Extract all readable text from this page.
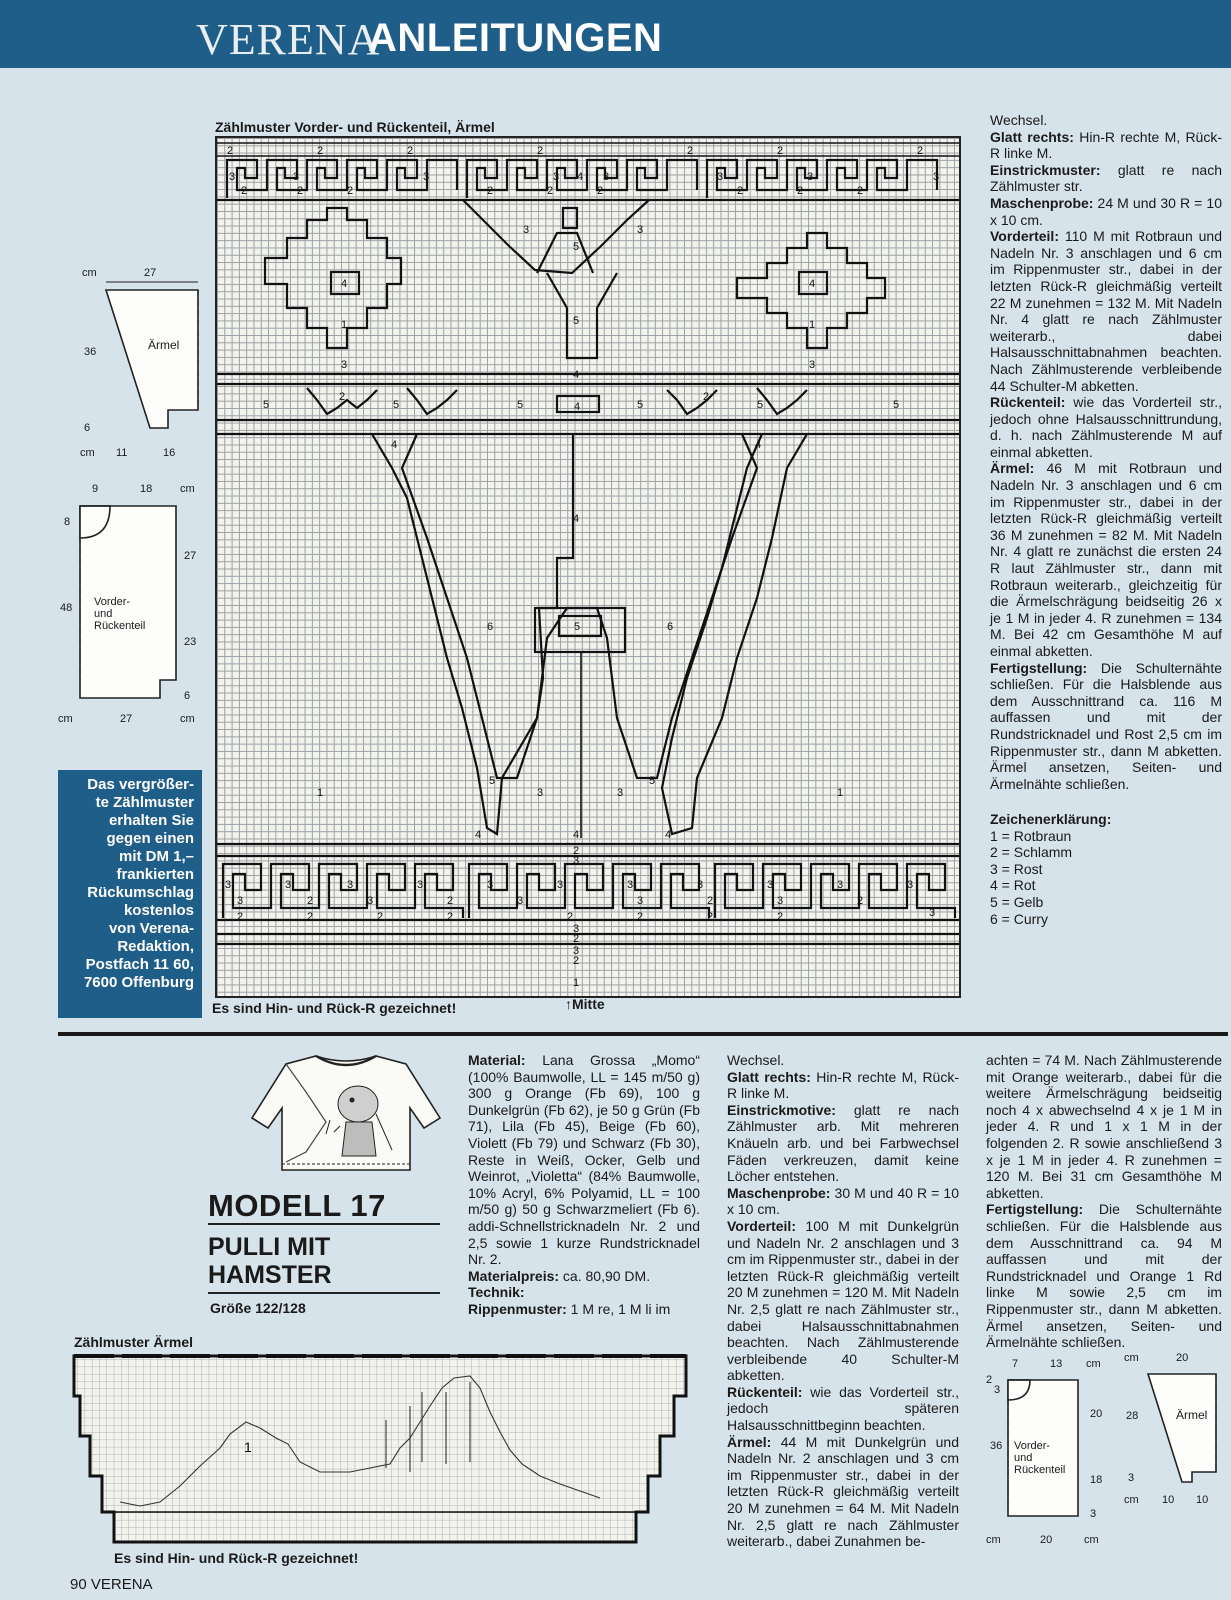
VERENA
ANLEITUNGEN
Zählmuster Vorder- und Rückenteil, Ärmel
2	2	2	2	2	2	2
3	3	3	3 4 3	3	3	3
2	2	2	2	2	2	2	2	2
3	3
5
5
4	4
1	1
3	3
4
5
2
5	5	4	5
2
5	5
4	4
4
6	6
5
1	3	3	1
5	5
4	4	4
2
3
3	3	3	3	3	3	3	3	3	3	3
3	2	3	2	3	3	2	3	2
2	2	2	2	2	2	2	2	3
3
2
3
2
1
Es sind Hin- und Rück-R gezeichnet!	↑Mitte
cm	27
36	Ärmel
6
cm 11	16
9	18	cm
8
27
48
23
6
Vorder-
und
Rückenteil
cm	27	cm
Das vergrößer-
te Zählmuster
erhalten Sie
gegen einen
mit DM 1,–
frankierten
Rückumschlag
kostenlos
von Verena-
Redaktion,
Postfach 11 60,
7600 Offenburg
Wechsel.
Glatt rechts: Hin-R rechte M, Rück-R linke M.
Einstrickmuster: glatt re nach Zählmuster str.
Maschenprobe: 24 M und 30 R = 10 x 10 cm.
Vorderteil: 110 M mit Rotbraun und Nadeln Nr. 3 anschlagen und 6 cm im Rippenmuster str., dabei in der letzten Rück-R gleichmäßig verteilt 22 M zunehmen = 132 M. Mit Nadeln Nr. 4 glatt re nach Zählmuster weiterarb., dabei Halsausschnittabnahmen beachten. Nach Zählmusterende verbleibende 44 Schulter-M abketten.
Rückenteil: wie das Vorderteil str., jedoch ohne Halsausschnittrundung, d. h. nach Zählmusterende M auf einmal abketten.
Ärmel: 46 M mit Rotbraun und Nadeln Nr. 3 anschlagen und 6 cm im Rippenmuster str., dabei in der letzten Rück-R gleichmäßig verteilt 36 M zunehmen = 82 M. Mit Nadeln Nr. 4 glatt re zunächst die ersten 24 R laut Zählmuster str., dann mit Rotbraun weiterarb., gleichzeitig für die Ärmelschrägung beidseitig 26 x je 1 M in jeder 4. R zunehmen = 134 M. Bei 42 cm Gesamthöhe M auf einmal abketten.
Fertigstellung: Die Schulternähte schließen. Für die Halsblende aus dem Ausschnittrand ca. 116 M auffassen und mit der Rundstricknadel und Rost 2,5 cm im Rippenmuster str., dann M abketten. Ärmel ansetzen, Seiten- und Ärmelnähte schließen.
Zeichenerklärung:
1 = Rotbraun
2 = Schlamm
3 = Rost
4 = Rot
5 = Gelb
6 = Curry
MODELL 17
PULLI MIT
HAMSTER
Größe 122/128
Material: Lana Grossa „Momo“ (100% Baumwolle, LL = 145 m/50 g) 300 g Orange (Fb 69), 100 g Dunkelgrün (Fb 62), je 50 g Grün (Fb 71), Lila (Fb 45), Beige (Fb 60), Violett (Fb 79) und Schwarz (Fb 30), Reste in Weiß, Ocker, Gelb und Weinrot, „Violetta“ (84% Baumwolle, 10% Acryl, 6% Polyamid, LL = 100 m/50 g) 50 g Schwarzmeliert (Fb 6). addi-Schnellstricknadeln Nr. 2 und 2,5 sowie 1 kurze Rundstricknadel Nr. 2.
Materialpreis: ca. 80,90 DM.
Technik:
Rippenmuster: 1 M re, 1 M li im
Wechsel.
Glatt rechts: Hin-R rechte M, Rück-R linke M.
Einstrickmotive: glatt re nach Zählmuster arb. Mit mehreren Knäueln arb. und bei Farbwechsel Fäden verkreuzen, damit keine Löcher entstehen.
Maschenprobe: 30 M und 40 R = 10 x 10 cm.
Vorderteil: 100 M mit Dunkelgrün und Nadeln Nr. 2 anschlagen und 3 cm im Rippenmuster str., dabei in der letzten Rück-R gleichmäßig verteilt 20 M zunehmen = 120 M. Mit Nadeln Nr. 2,5 glatt re nach Zählmuster str., dabei Halsausschnittabnahmen beachten. Nach Zählmusterende verbleibende 40 Schulter-M abketten.
Rückenteil: wie das Vorderteil str., jedoch späteren Halsausschnittbeginn beachten.
Ärmel: 44 M mit Dunkelgrün und Nadeln Nr. 2 anschlagen und 3 cm im Rippenmuster str., dabei in der letzten Rück-R gleichmäßig verteilt 20 M zunehmen = 64 M. Mit Nadeln Nr. 2,5 glatt re nach Zählmuster weiterarb., dabei Zunahmen be-
achten = 74 M. Nach Zählmusterende mit Orange weiterarb., dabei für die weitere Ärmelschrägung beidseitig noch 4 x abwechselnd 4 x je 1 M in jeder 4. R und 1 x 1 M in der folgenden 2. R sowie anschließend 3 x je 1 M in jeder 4. R zunehmen = 120 M. Bei 31 cm Gesamthöhe M abketten.
Fertigstellung: Die Schulternähte schließen. Für die Halsblende aus dem Ausschnittrand ca. 94 M auffassen und mit der Rundstricknadel und Orange 1 Rd linke M sowie 2,5 cm im Rippenmuster str., dann M abketten. Ärmel ansetzen, Seiten- und Ärmelnähte schließen.
Zählmuster Ärmel
1
Es sind Hin- und Rück-R gezeichnet!
7	13 cm
2
3
20
36
18
3
Vorder-
und
Rückenteil
cm	20	cm
cm	20
28	Ärmel
3
cm 10 10
90 VERENA
